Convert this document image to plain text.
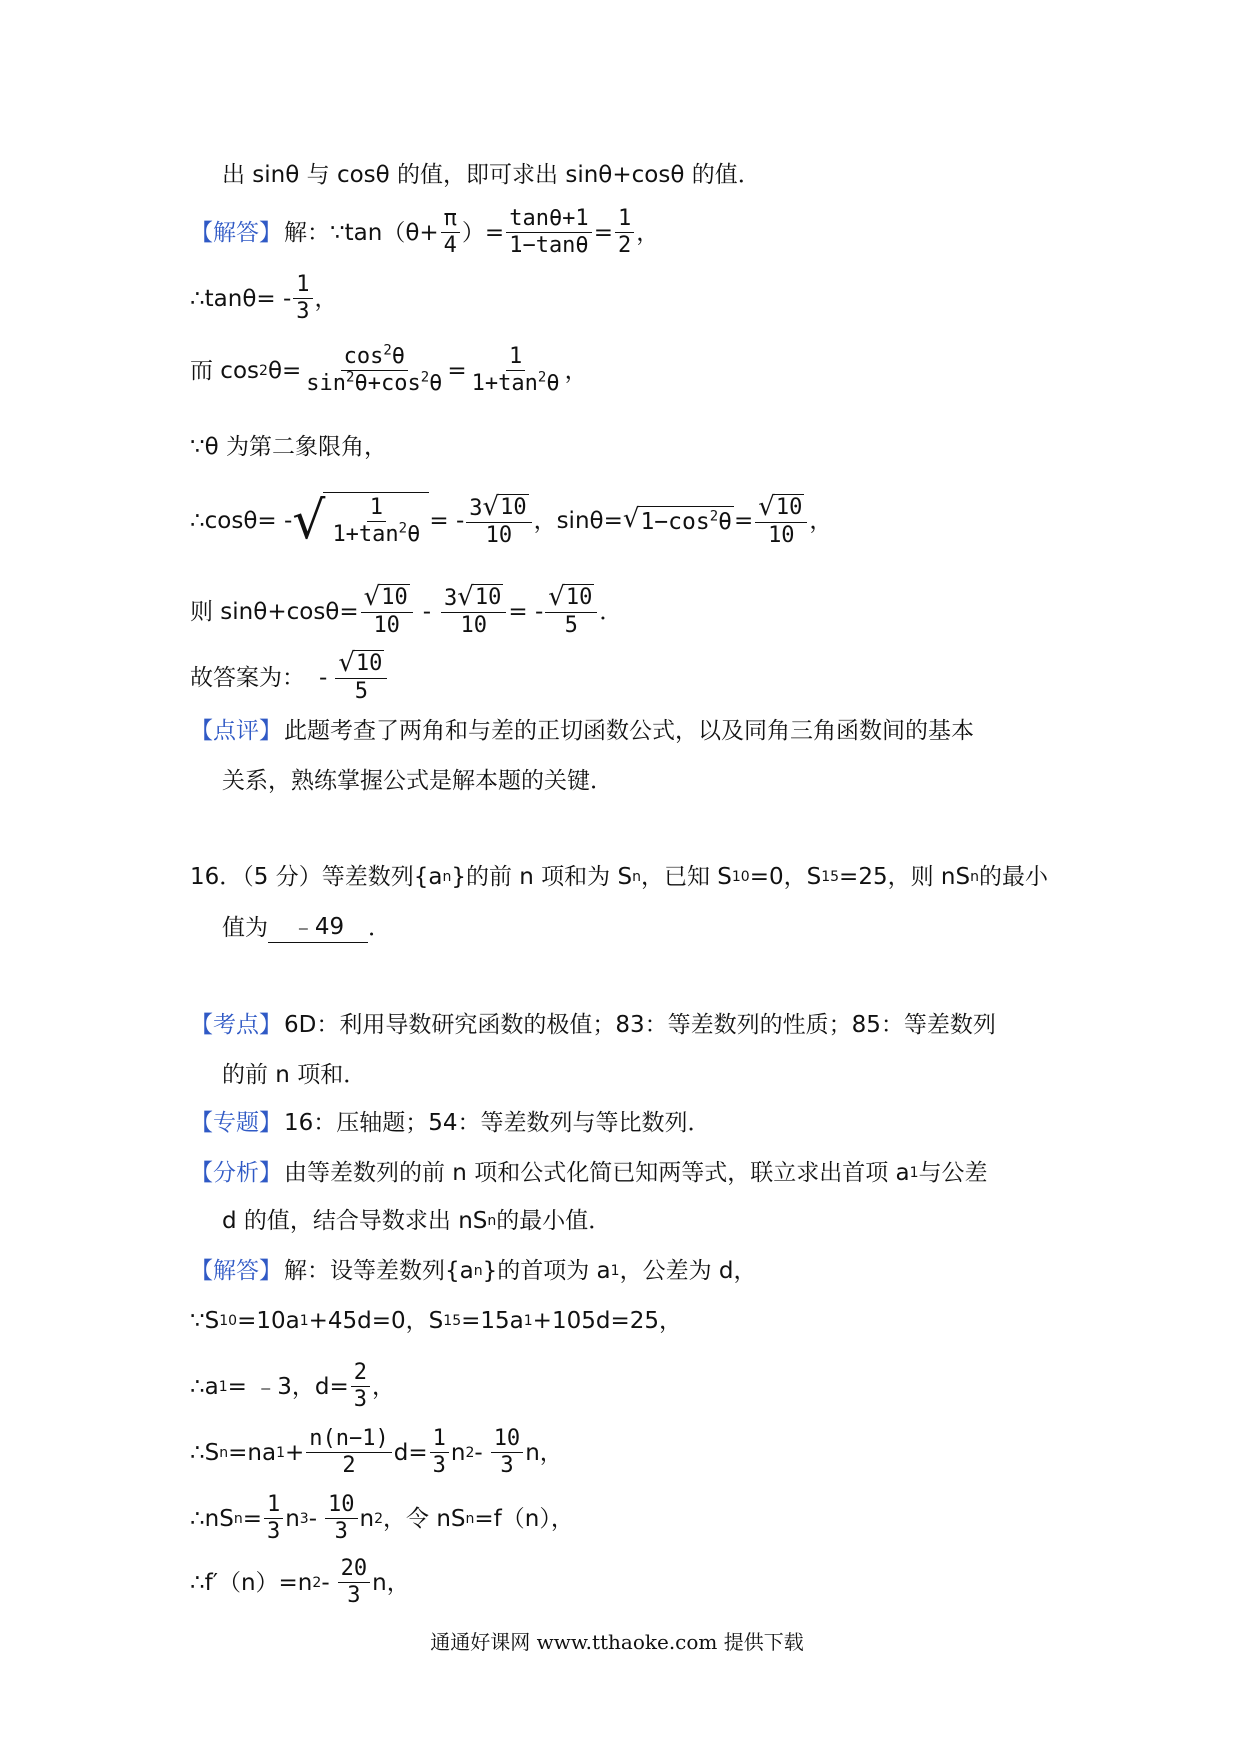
出 sinθ 与 cosθ 的值，即可求出 sinθ+cosθ 的值．
【解答】 解：∵tan（θ+ $\frac{\pi}{4}$ ）= $\frac{\tan\theta+1}{1-\tan\theta} = \frac{1}{2}$ ，
∴tanθ= - $\frac{1}{3}$ ，
而 cos 2 $\theta= \frac{\cos^2\theta}{\sin^2\theta+\cos^2\theta} = \frac{1}{1+\tan^2\theta}$ ，
∵θ 为第二象限角，
∴cosθ= - √ $\frac{1}{1+\tan^2\theta}$ = - $\frac{3 √ 10}{10}$ ，sinθ= √ $1-\cos^2\theta = \frac{√ 10}{10}$ ，
则 $\sin\theta+\cos\theta= \frac{√ 10}{10} - \frac{3 √ 10}{10}$ = - $\frac{√ 10}{5}$ ．
故答案为： - $\frac{√ 10}{5}$
【点评】 此题考查了两角和与差的正切函数公式，以及同角三角函数间的基本
关系，熟练掌握公式是解本题的关键．
16．（5 分）等差数列{a n }的前 n 项和为 S n ，已知 S 10 =0，S 15 =25，则 nS n 的最小
值为	﹣49	．
【考点】 6D：利用导数研究函数的极值；83：等差数列的性质；85：等差数列
的前 n 项和．
【专题】 16：压轴题；54：等差数列与等比数列．
【分析】 由等差数列的前 n 项和公式化简已知两等式，联立求出首项 a 1 与公差
d 的值，结合导数求出 nS n 的最小值．
【解答】 解：设等差数列{a n }的首项为 a 1 ，公差为 d，
∵S 10 =10a 1 +45d=0，S 15 =15a 1 +105d=25，
∴a 1 = ﹣3，$d= \frac{2}{3}$ ，
∴S n =na $1 + \frac{n(n-1)}{2} d= \frac{1}{3}$ n $2 - \frac{10}{3}$ n，
∴nS $n = \frac{1}{3}$ n $3 - \frac{10}{3}$ n 2 ，令 nS n =f（n），
∴f′（n）=n $2 - \frac{20}{3}$ n，
通通好课网 www.tthaoke.com 提供下载
